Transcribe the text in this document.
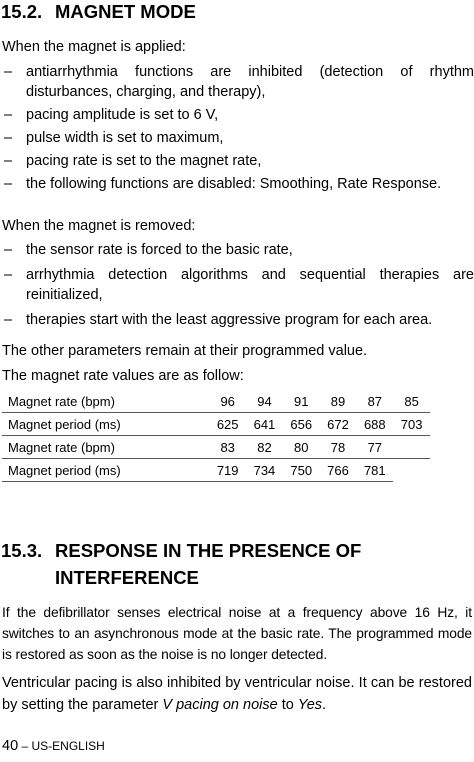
15.2. MAGNET MODE

When the magnet is applied:

– antiarrhythmia functions are inhibited (detection of rhythm disturbances, charging, and therapy),
– pacing amplitude is set to 6 V,
– pulse width is set to maximum,
– pacing rate is set to the magnet rate,
– the following functions are disabled: Smoothing, Rate Response.

When the magnet is removed:

– the sensor rate is forced to the basic rate,
– arrhythmia detection algorithms and sequential therapies are reinitialized,
– therapies start with the least aggressive program for each area.

The other parameters remain at their programmed value.

The magnet rate values are as follow:

Magnet rate (bpm)	96	94	91	89	87	85
Magnet period (ms)	625	641	656	672	688	703
Magnet rate (bpm)	83	82	80	78	77	
Magnet period (ms)	719	734	750	766	781	
15.3. RESPONSE IN THE PRESENCE OF
INTERFERENCE

If the defibrillator senses electrical noise at a frequency above 16 Hz, it switches to an asynchronous mode at the basic rate. The programmed mode is restored as soon as the noise is no longer detected.

Ventricular pacing is also inhibited by ventricular noise. It can be restored by setting the parameter V pacing on noise to Yes.

40 – US-ENGLISH
